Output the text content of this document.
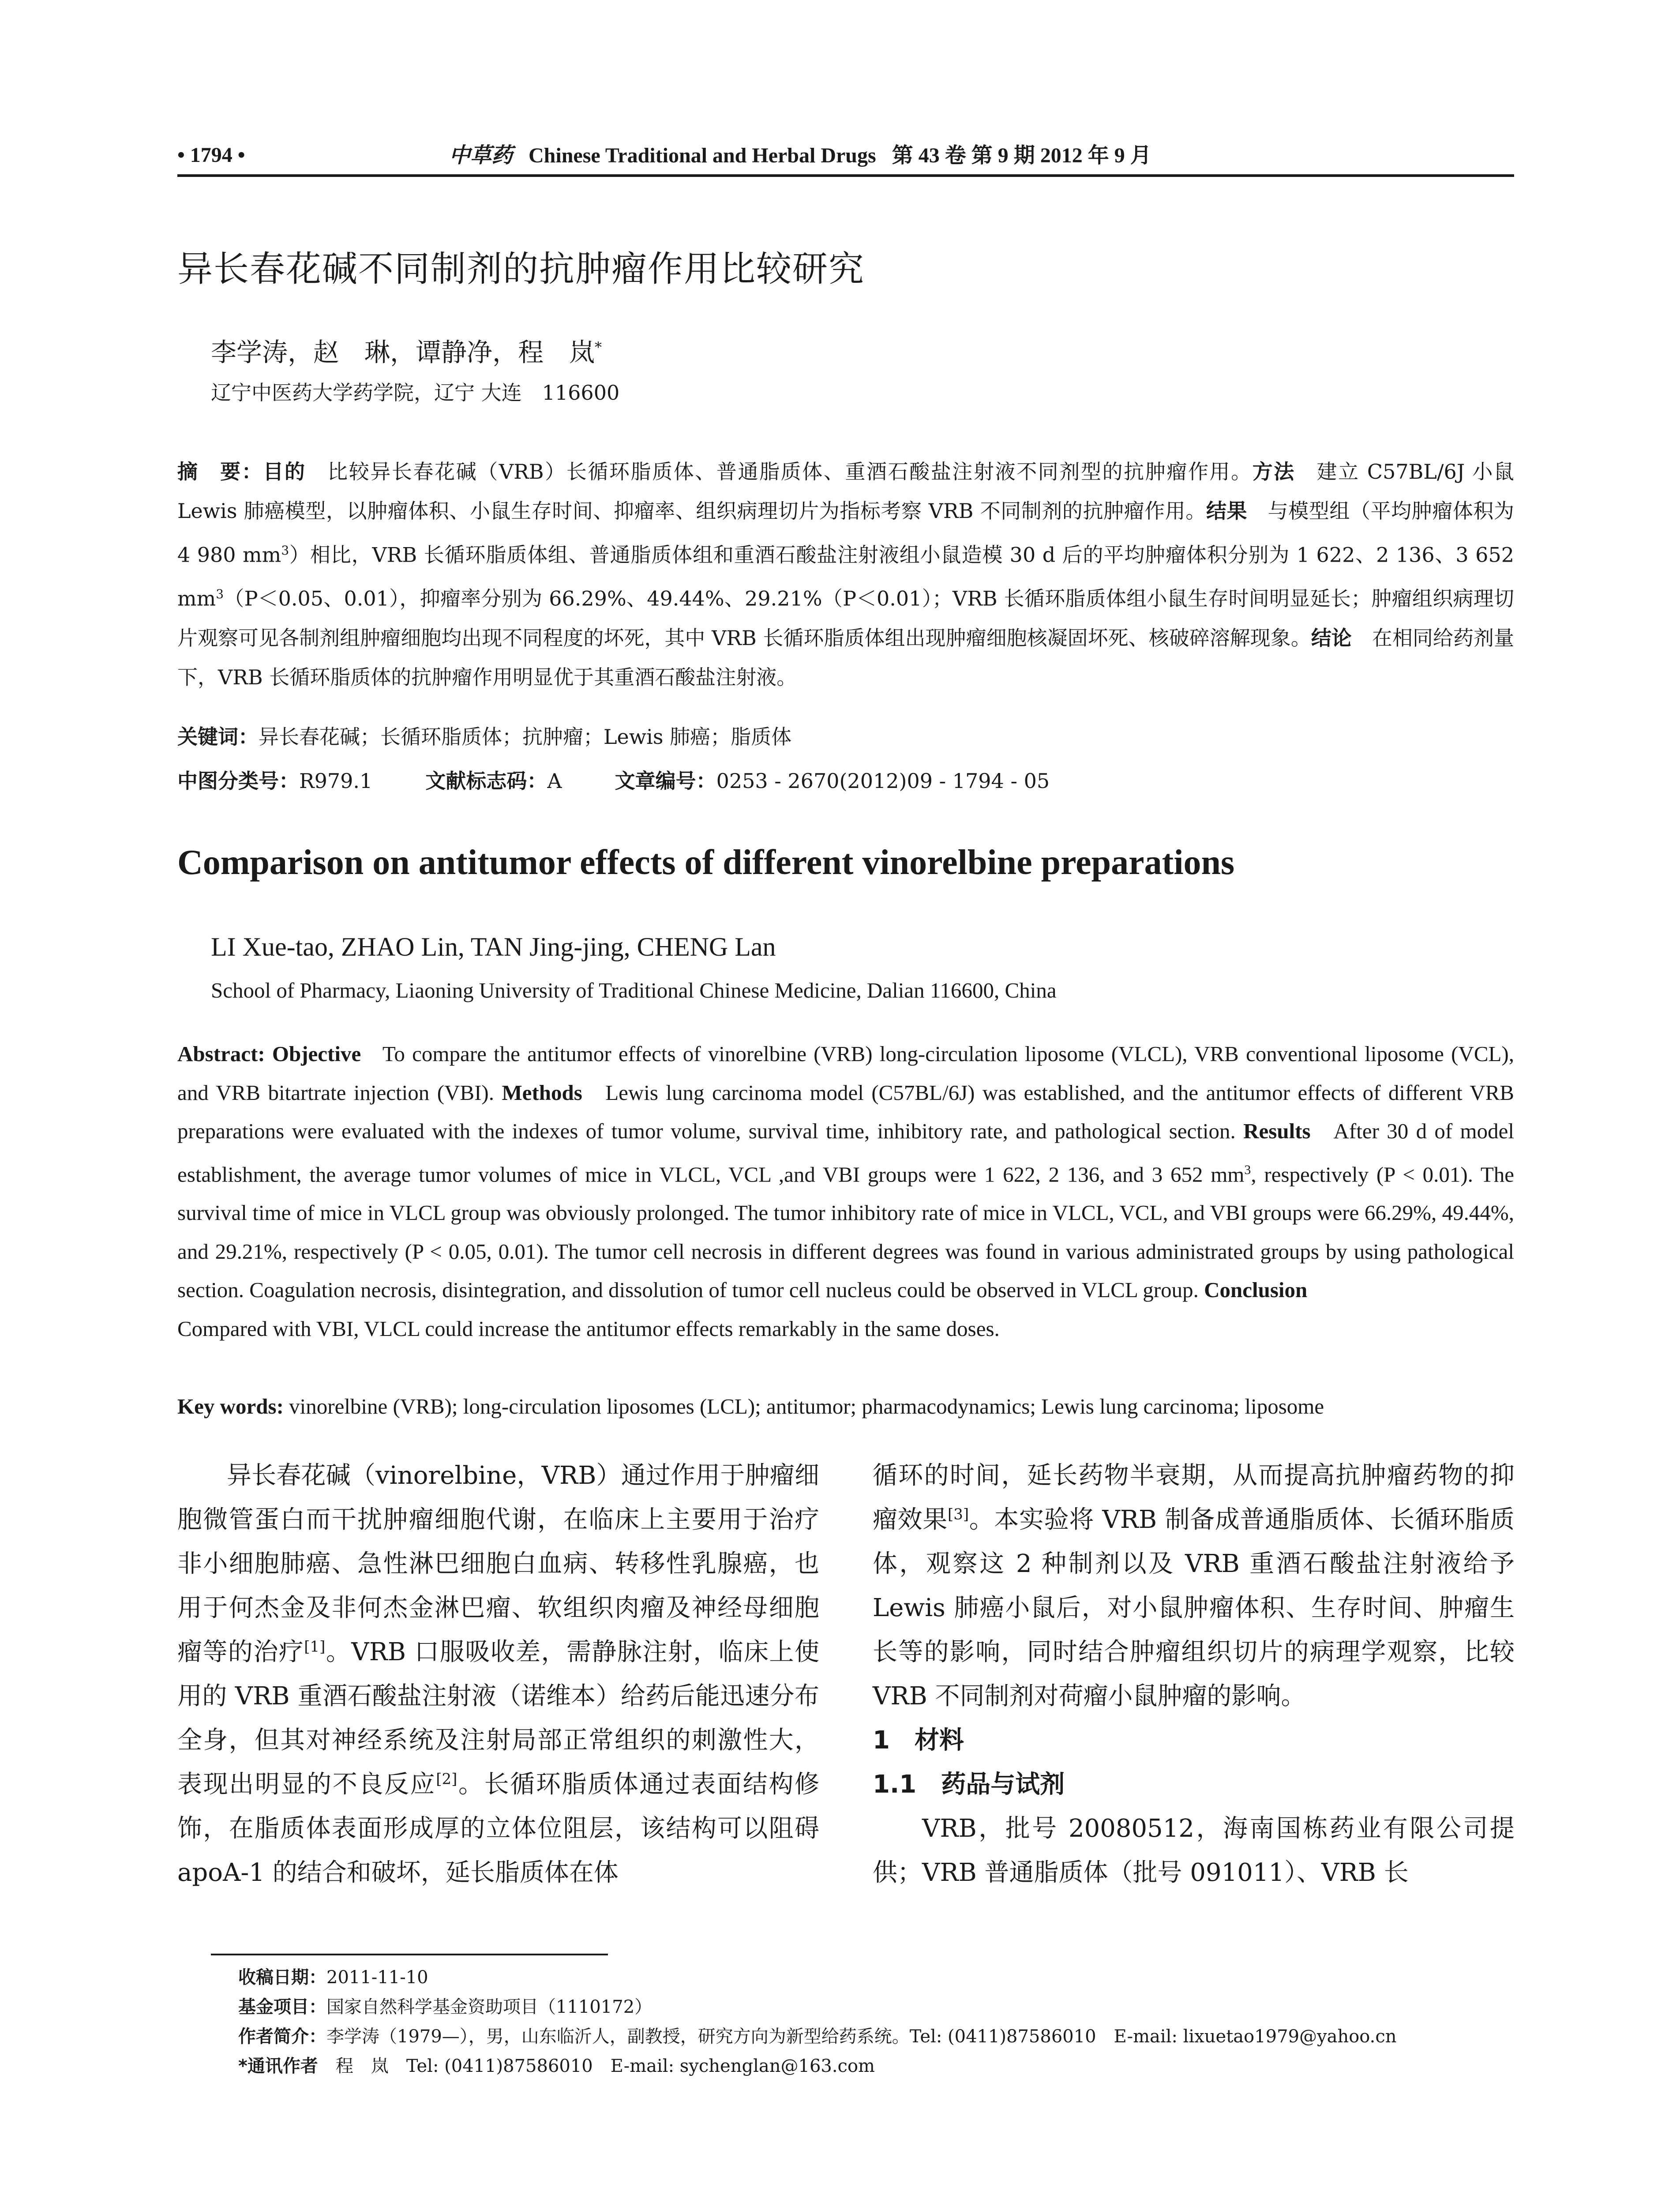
• 1794 •	中草药 Chinese Traditional and Herbal Drugs 第 43 卷 第 9 期 2012 年 9 月
异长春花碱不同制剂的抗肿瘤作用比较研究
李学涛，赵　琳，谭静净，程　岚*
辽宁中医药大学药学院，辽宁 大连　116600

摘　要：目的　 比较异长春花碱（VRB）长循环脂质体、普通脂质体、重酒石酸盐注射液不同剂型的抗肿瘤作用。方法　 建立 C57BL/6J 小鼠 Lewis 肺癌模型，以肿瘤体积、小鼠生存时间、抑瘤率、组织病理切片为指标考察 VRB 不同制剂的抗肿瘤作用。结果　 与模型组（平均肿瘤体积为 4 980 $mm^3$）相比，VRB 长循环脂质体组、普通脂质体组和重酒石酸盐注射液组小鼠造模 30 d 后的平均肿瘤体积分别为 1 622、2 136、3 652 $mm^3(P<0.05$、0.01），抑瘤率分别为 66.29%、49.44%、29.21%（P＜0.01）；VRB 长循环脂质体组小鼠生存时间明显延长；肿瘤组织病理切片观察可见各制剂组肿瘤细胞均出现不同程度的坏死，其中 VRB 长循环脂质体组出现肿瘤细胞核凝固坏死、核破碎溶解现象。结论　 在相同给药剂量下，VRB 长循环脂质体的抗肿瘤作用明显优于其重酒石酸盐注射液。

关键词：异长春花碱；长循环脂质体；抗肿瘤；Lewis 肺癌；脂质体
中图分类号：R979.1	文献标志码：A	文章编号：0253 - 2670(2012)09 - 1794 - 05
Comparison on antitumor effects of different vinorelbine preparations
LI Xue-tao, ZHAO Lin, TAN Jing-jing, CHENG Lan
School of Pharmacy, Liaoning University of Traditional Chinese Medicine, Dalian 116600, China

Abstract: Objective To compare the antitumor effects of vinorelbine (VRB) long-circulation liposome (VLCL), VRB conventional liposome (VCL), and VRB bitartrate injection (VBI). Methods Lewis lung carcinoma model (C57BL/6J) was established, and the antitumor effects of different VRB preparations were evaluated with the indexes of tumor volume, survival time, inhibitory rate, and pathological section. Results After 30 d of model establishment, the average tumor volumes of mice in VLCL, VCL ,and VBI groups were 1 622, 2 136, and 3 652 $mm^3$, respectively (P < 0.01). The survival time of mice in VLCL group was obviously prolonged. The tumor inhibitory rate of mice in VLCL, VCL, and VBI groups were 66.29%, 49.44%, and 29.21%, respectively (P < 0.05, 0.01). The tumor cell necrosis in different degrees was found in various administrated groups by using pathological section. Coagulation necrosis, disintegration, and dissolution of tumor cell nucleus could be observed in VLCL group. Conclusion
Compared with VBI, VLCL could increase the antitumor effects remarkably in the same doses.

Key words: vinorelbine (VRB); long-circulation liposomes (LCL); antitumor; pharmacodynamics; Lewis lung carcinoma; liposome

异长春花碱（vinorelbine，VRB）通过作用于肿瘤细胞微管蛋白而干扰肿瘤细胞代谢，在临床上主要用于治疗非小细胞肺癌、急性淋巴细胞白血病、转移性乳腺癌，也用于何杰金及非何杰金淋巴瘤、软组织肉瘤及神经母细胞瘤等的治疗[1]。VRB 口服吸收差，需静脉注射，临床上使用的 VRB 重酒石酸盐注射液（诺维本）给药后能迅速分布全身，但其对神经系统及注射局部正常组织的刺激性大，表现出明显的不良反应[2]。长循环脂质体通过表面结构修饰，在脂质体表面形成厚的立体位阻层，该结构可以阻碍 apoA-1 的结合和破坏，延长脂质体在体

循环的时间，延长药物半衰期，从而提高抗肿瘤药物的抑瘤效果[3]。本实验将 VRB 制备成普通脂质体、长循环脂质体，观察这 2 种制剂以及 VRB 重酒石酸盐注射液给予 Lewis 肺癌小鼠后，对小鼠肿瘤体积、生存时间、肿瘤生长等的影响，同时结合肿瘤组织切片的病理学观察，比较 VRB 不同制剂对荷瘤小鼠肿瘤的影响。

1　材料
1.1　药品与试剂

VRB，批号 20080512，海南国栋药业有限公司提供；VRB 普通脂质体（批号 091011）、VRB 长

收稿日期：2011-11-10
基金项目：国家自然科学基金资助项目（1110172）
作者简介：李学涛（1979—），男，山东临沂人，副教授，研究方向为新型给药系统。Tel: (0411)87586010　E-mail: lixuetao1979@yahoo.cn
*通讯作者　 程　岚　Tel: (0411)87586010　E-mail: sychenglan@163.com
